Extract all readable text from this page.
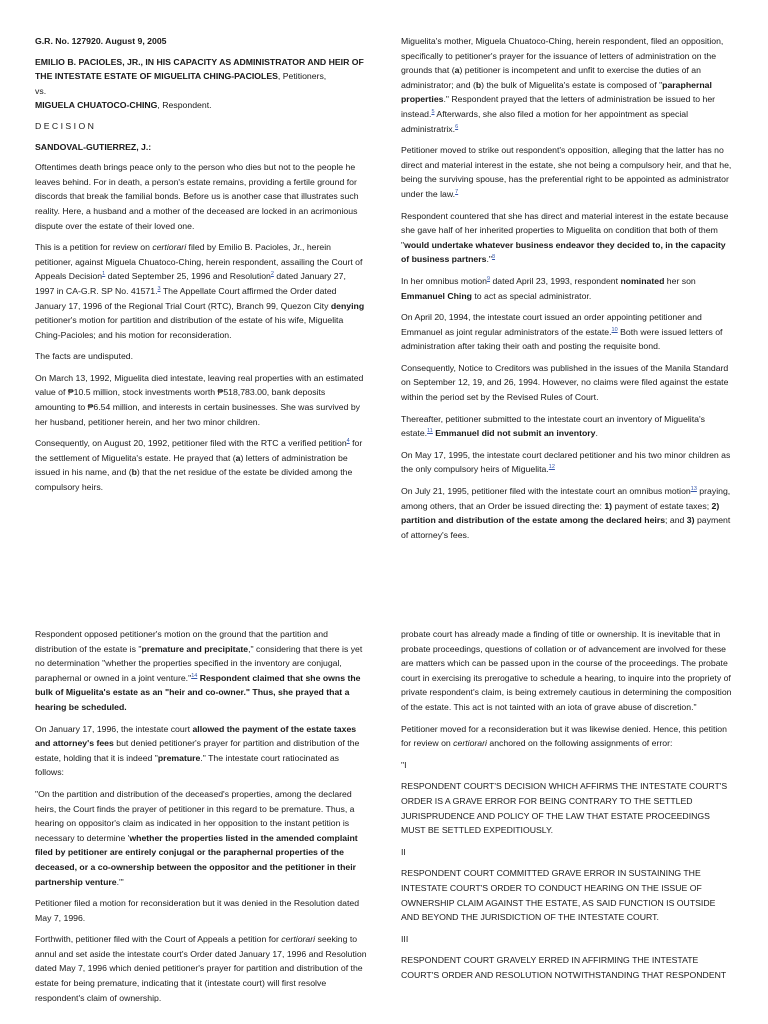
G.R. No. 127920. August 9, 2005

EMILIO B. PACIOLES, JR., IN HIS CAPACITY AS ADMINISTRATOR AND HEIR OF THE INTESTATE ESTATE OF MIGUELITA CHING-PACIOLES, Petitioners,
vs.
MIGUELA CHUATOCO-CHING, Respondent.

D E C I S I O N

SANDOVAL-GUTIERREZ, J.:

Oftentimes death brings peace only to the person who dies but not to the people he leaves behind. For in death, a person's estate remains, providing a fertile ground for discords that break the familial bonds. Before us is another case that illustrates such reality. Here, a husband and a mother of the deceased are locked in an acrimonious dispute over the estate of their loved one.

This is a petition for review on certiorari filed by Emilio B. Pacioles, Jr., herein petitioner, against Miguela Chuatoco-Ching, herein respondent, assailing the Court of Appeals Decision$^1$ dated September 25, 1996 and Resolution$^2$ dated January 27, 1997 in CA-G.R. SP No. 41571.$^3$ The Appellate Court affirmed the Order dated January 17, 1996 of the Regional Trial Court (RTC), Branch 99, Quezon City denying petitioner's motion for partition and distribution of the estate of his wife, Miguelita Ching-Pacioles; and his motion for reconsideration.

The facts are undisputed.

On March 13, 1992, Miguelita died intestate, leaving real properties with an estimated value of ₱10.5 million, stock investments worth ₱518,783.00, bank deposits amounting to ₱6.54 million, and interests in certain businesses. She was survived by her husband, petitioner herein, and her two minor children.

Consequently, on August 20, 1992, petitioner filed with the RTC a verified petition$^4$ for the settlement of Miguelita's estate. He prayed that (a) letters of administration be issued in his name, and (b) that the net residue of the estate be divided among the compulsory heirs.

Miguelita's mother, Miguela Chuatoco-Ching, herein respondent, filed an opposition, specifically to petitioner's prayer for the issuance of letters of administration on the grounds that (a) petitioner is incompetent and unfit to exercise the duties of an administrator; and (b) the bulk of Miguelita's estate is composed of "paraphernal properties." Respondent prayed that the letters of administration be issued to her instead.$^5$ Afterwards, she also filed a motion for her appointment as special administratrix.$^6$

Petitioner moved to strike out respondent's opposition, alleging that the latter has no direct and material interest in the estate, she not being a compulsory heir, and that he, being the surviving spouse, has the preferential right to be appointed as administrator under the law.$^7$

Respondent countered that she has direct and material interest in the estate because she gave half of her inherited properties to Miguelita on condition that both of them "would undertake whatever business endeavor they decided to, in the capacity of business partners."$^8$

In her omnibus motion$^9$ dated April 23, 1993, respondent nominated her son Emmanuel Ching to act as special administrator.

On April 20, 1994, the intestate court issued an order appointing petitioner and Emmanuel as joint regular administrators of the estate.$^{10}$ Both were issued letters of administration after taking their oath and posting the requisite bond.

Consequently, Notice to Creditors was published in the issues of the Manila Standard on September 12, 19, and 26, 1994. However, no claims were filed against the estate within the period set by the Revised Rules of Court.

Thereafter, petitioner submitted to the intestate court an inventory of Miguelita's estate.$^{11}$ Emmanuel did not submit an inventory.

On May 17, 1995, the intestate court declared petitioner and his two minor children as the only compulsory heirs of Miguelita.$^{12}$

On July 21, 1995, petitioner filed with the intestate court an omnibus motion$^{13}$ praying, among others, that an Order be issued directing the: 1) payment of estate taxes; 2) partition and distribution of the estate among the declared heirs; and 3) payment of attorney's fees.

Respondent opposed petitioner's motion on the ground that the partition and distribution of the estate is "premature and precipitate," considering that there is yet no determination "whether the properties specified in the inventory are conjugal, paraphernal or owned in a joint venture."$^{14}$ Respondent claimed that she owns the bulk of Miguelita's estate as an "heir and co-owner." Thus, she prayed that a hearing be scheduled.

On January 17, 1996, the intestate court allowed the payment of the estate taxes and attorney's fees but denied petitioner's prayer for partition and distribution of the estate, holding that it is indeed "premature." The intestate court ratiocinated as follows:

"On the partition and distribution of the deceased's properties, among the declared heirs, the Court finds the prayer of petitioner in this regard to be premature. Thus, a hearing on oppositor's claim as indicated in her opposition to the instant petition is necessary to determine 'whether the properties listed in the amended complaint filed by petitioner are entirely conjugal or the paraphernal properties of the deceased, or a co-ownership between the oppositor and the petitioner in their partnership venture.'"

Petitioner filed a motion for reconsideration but it was denied in the Resolution dated May 7, 1996.

Forthwith, petitioner filed with the Court of Appeals a petition for certiorari seeking to annul and set aside the intestate court's Order dated January 17, 1996 and Resolution dated May 7, 1996 which denied petitioner's prayer for partition and distribution of the estate for being premature, indicating that it (intestate court) will first resolve respondent's claim of ownership.

probate court has already made a finding of title or ownership. It is inevitable that in probate proceedings, questions of collation or of advancement are involved for these are matters which can be passed upon in the course of the proceedings. The probate court in exercising its prerogative to schedule a hearing, to inquire into the propriety of private respondent's claim, is being extremely cautious in determining the composition of the estate. This act is not tainted with an iota of grave abuse of discretion."

Petitioner moved for a reconsideration but it was likewise denied. Hence, this petition for review on certiorari anchored on the following assignments of error:

"I

RESPONDENT COURT'S DECISION WHICH AFFIRMS THE INTESTATE COURT'S ORDER IS A GRAVE ERROR FOR BEING CONTRARY TO THE SETTLED JURISPRUDENCE AND POLICY OF THE LAW THAT ESTATE PROCEEDINGS MUST BE SETTLED EXPEDITIOUSLY.

II

RESPONDENT COURT COMMITTED GRAVE ERROR IN SUSTAINING THE INTESTATE COURT'S ORDER TO CONDUCT HEARING ON THE ISSUE OF OWNERSHIP CLAIM AGAINST THE ESTATE, AS SAID FUNCTION IS OUTSIDE AND BEYOND THE JURISDICTION OF THE INTESTATE COURT.

III

RESPONDENT COURT GRAVELY ERRED IN AFFIRMING THE INTESTATE COURT'S ORDER AND RESOLUTION NOTWITHSTANDING THAT RESPONDENT
